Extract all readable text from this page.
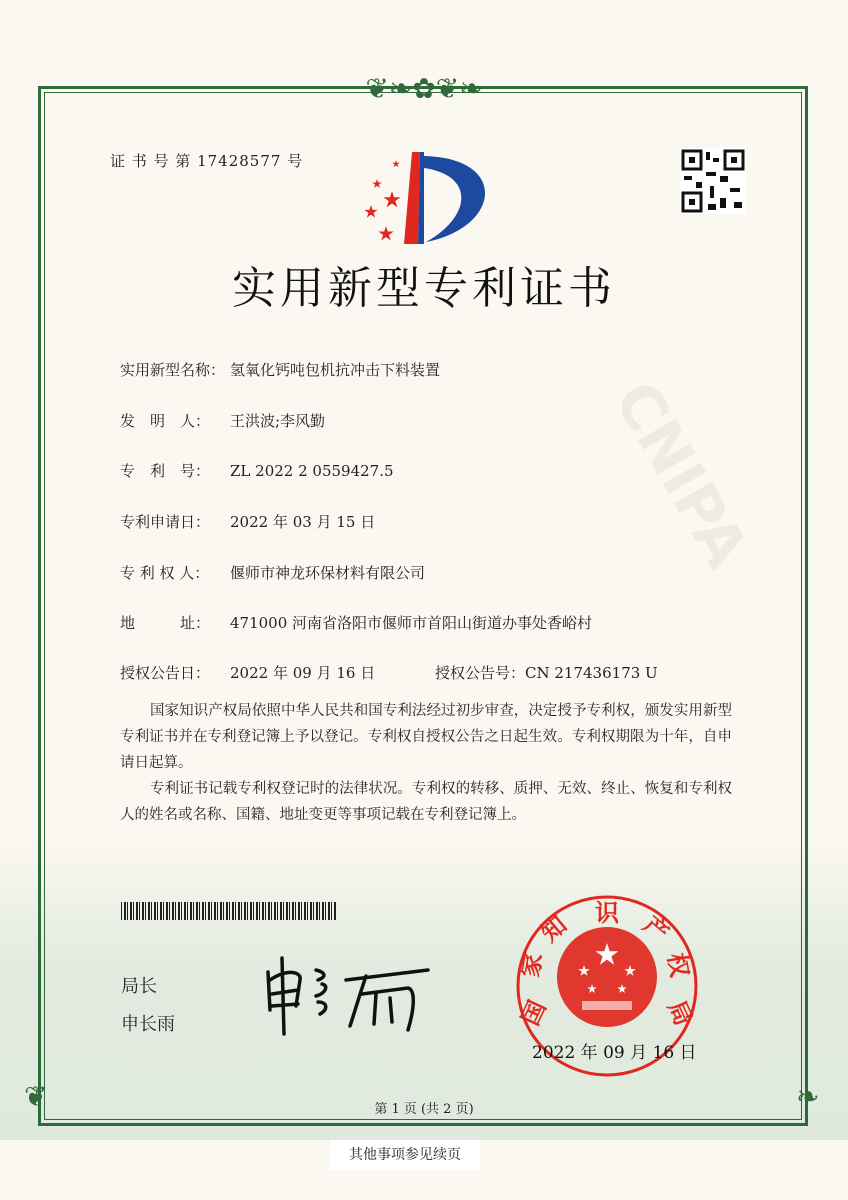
❦❧✿❦❧
❦	❧
CNIPA
证 书 号 第 17428577 号
实用新型专利证书
实用新型名称： 氢氧化钙吨包机抗冲击下料装置
发　明　人： 王洪波;李风勤
专　利　号： ZL 2022 2 0559427.5
专利申请日： 2022 年 03 月 15 日
专 利 权 人： 偃师市神龙环保材料有限公司
地　　　址： 471000 河南省洛阳市偃师市首阳山街道办事处香峪村
授权公告日： 2022 年 09 月 16 日	授权公告号：CN 217436173 U

国家知识产权局依照中华人民共和国专利法经过初步审查，决定授予专利权，颁发实用新型专利证书并在专利登记簿上予以登记。专利权自授权公告之日起生效。专利权期限为十年，自申请日起算。

专利证书记载专利权登记时的法律状况。专利权的转移、质押、无效、终止、恢复和专利权人的姓名或名称、国籍、地址变更等事项记载在专利登记簿上。

局长
申长雨	国
家
知 识 产
权
局
2022 年 09 月 16 日
第 1 页 (共 2 页)
其他事项参见续页
